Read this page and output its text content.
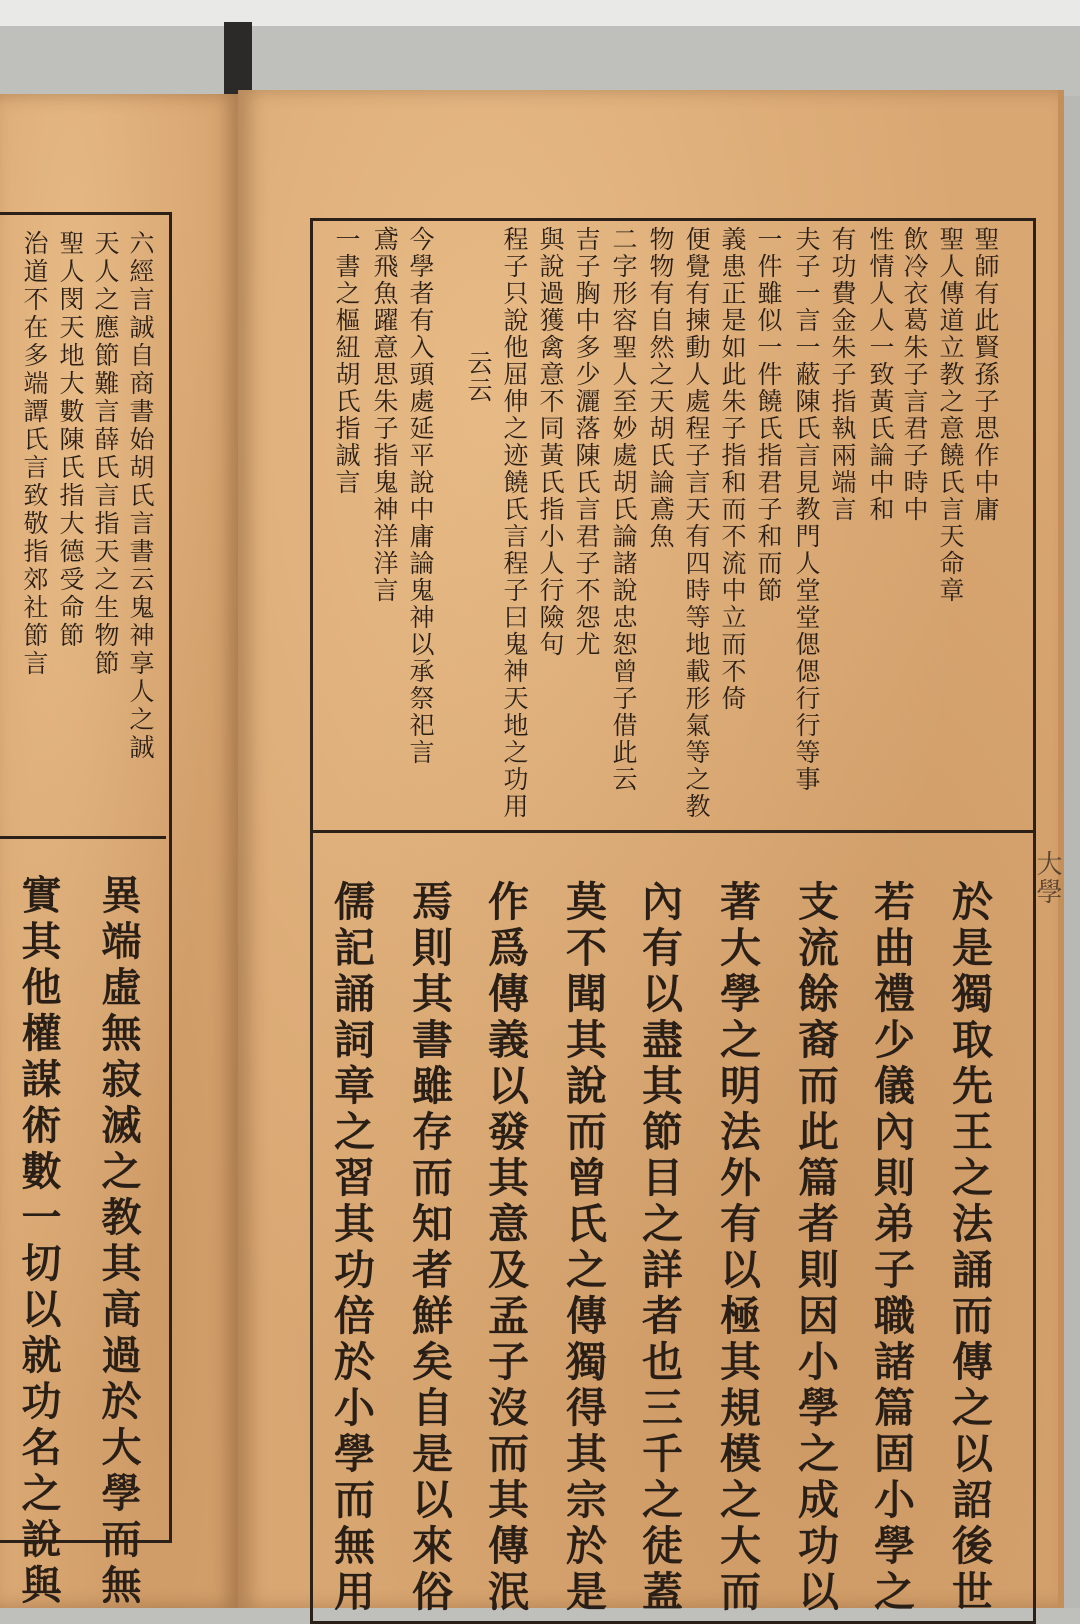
六經言誠自商書始胡氏言書云鬼神享人之誠
天人之應節難言薛氏言指天之生物節
聖人閔天地大數陳氏指大德受命節
治道不在多端譚氏言致敬指郊社節言
異端虛無寂滅之教其高過於大學而無
實其他權謀術數一切以就功名之說與
聖師有此賢孫子思作中庸
聖人傳道立教之意饒氏言天命章
飲冷衣葛朱子言君子時中
性情人人一致黃氏論中和
有功費金朱子指執兩端言
夫子一言一蔽陳氏言見教門人堂堂偲偲行行等事
一件雖似一件饒氏指君子和而節
義患正是如此朱子指和而不流中立而不倚
便覺有揀動人處程子言天有四時等地載形氣等之教
物物有自然之天胡氏論鳶魚
二字形容聖人至妙處胡氏論諸說忠恕曾子借此云
吉子胸中多少灑落陳氏言君子不怨尤
與說過獲禽意不同黃氏指小人行險句
程子只說他屈伸之迹饒氏言程子曰鬼神天地之功用
云云
今學者有入頭處延平說中庸論鬼神以承祭祀言
鳶飛魚躍意思朱子指鬼神洋洋言
一書之樞紐胡氏指誠言
於是獨取先王之法誦而傳之以詔後世
若曲禮少儀內則弟子職諸篇固小學之
支流餘裔而此篇者則因小學之成功以
著大學之明法外有以極其規模之大而
內有以盡其節目之詳者也三千之徒蓋
莫不聞其說而曾氏之傳獨得其宗於是
作爲傳義以發其意及孟子沒而其傳泯
焉則其書雖存而知者鮮矣自是以來俗
儒記誦詞章之習其功倍於小學而無用
大學
